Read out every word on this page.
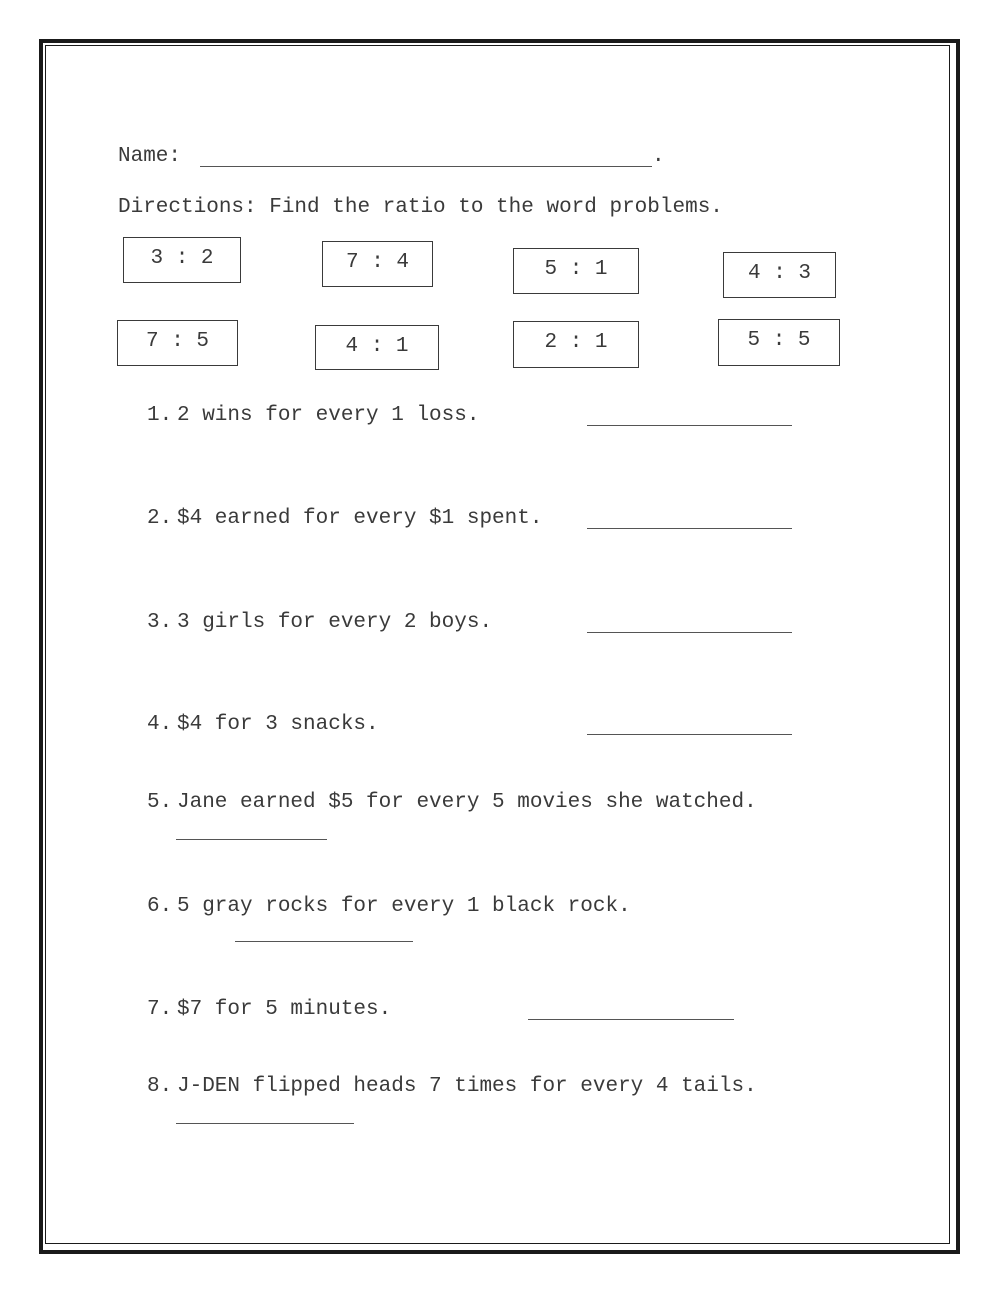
Name:	.
Directions: Find the ratio to the word problems.
3 : 2	7 : 4	5 : 1	4 : 3
7 : 5	4 : 1	2 : 1	5 : 5
1. 2 wins for every 1 loss.
2. $4 earned for every $1 spent.
3. 3 girls for every 2 boys.
4. $4 for 3 snacks.
5. Jane earned $5 for every 5 movies she watched.
6. 5 gray rocks for every 1 black rock.
7. $7 for 5 minutes.
8. J-DEN flipped heads 7 times for every 4 tails.
